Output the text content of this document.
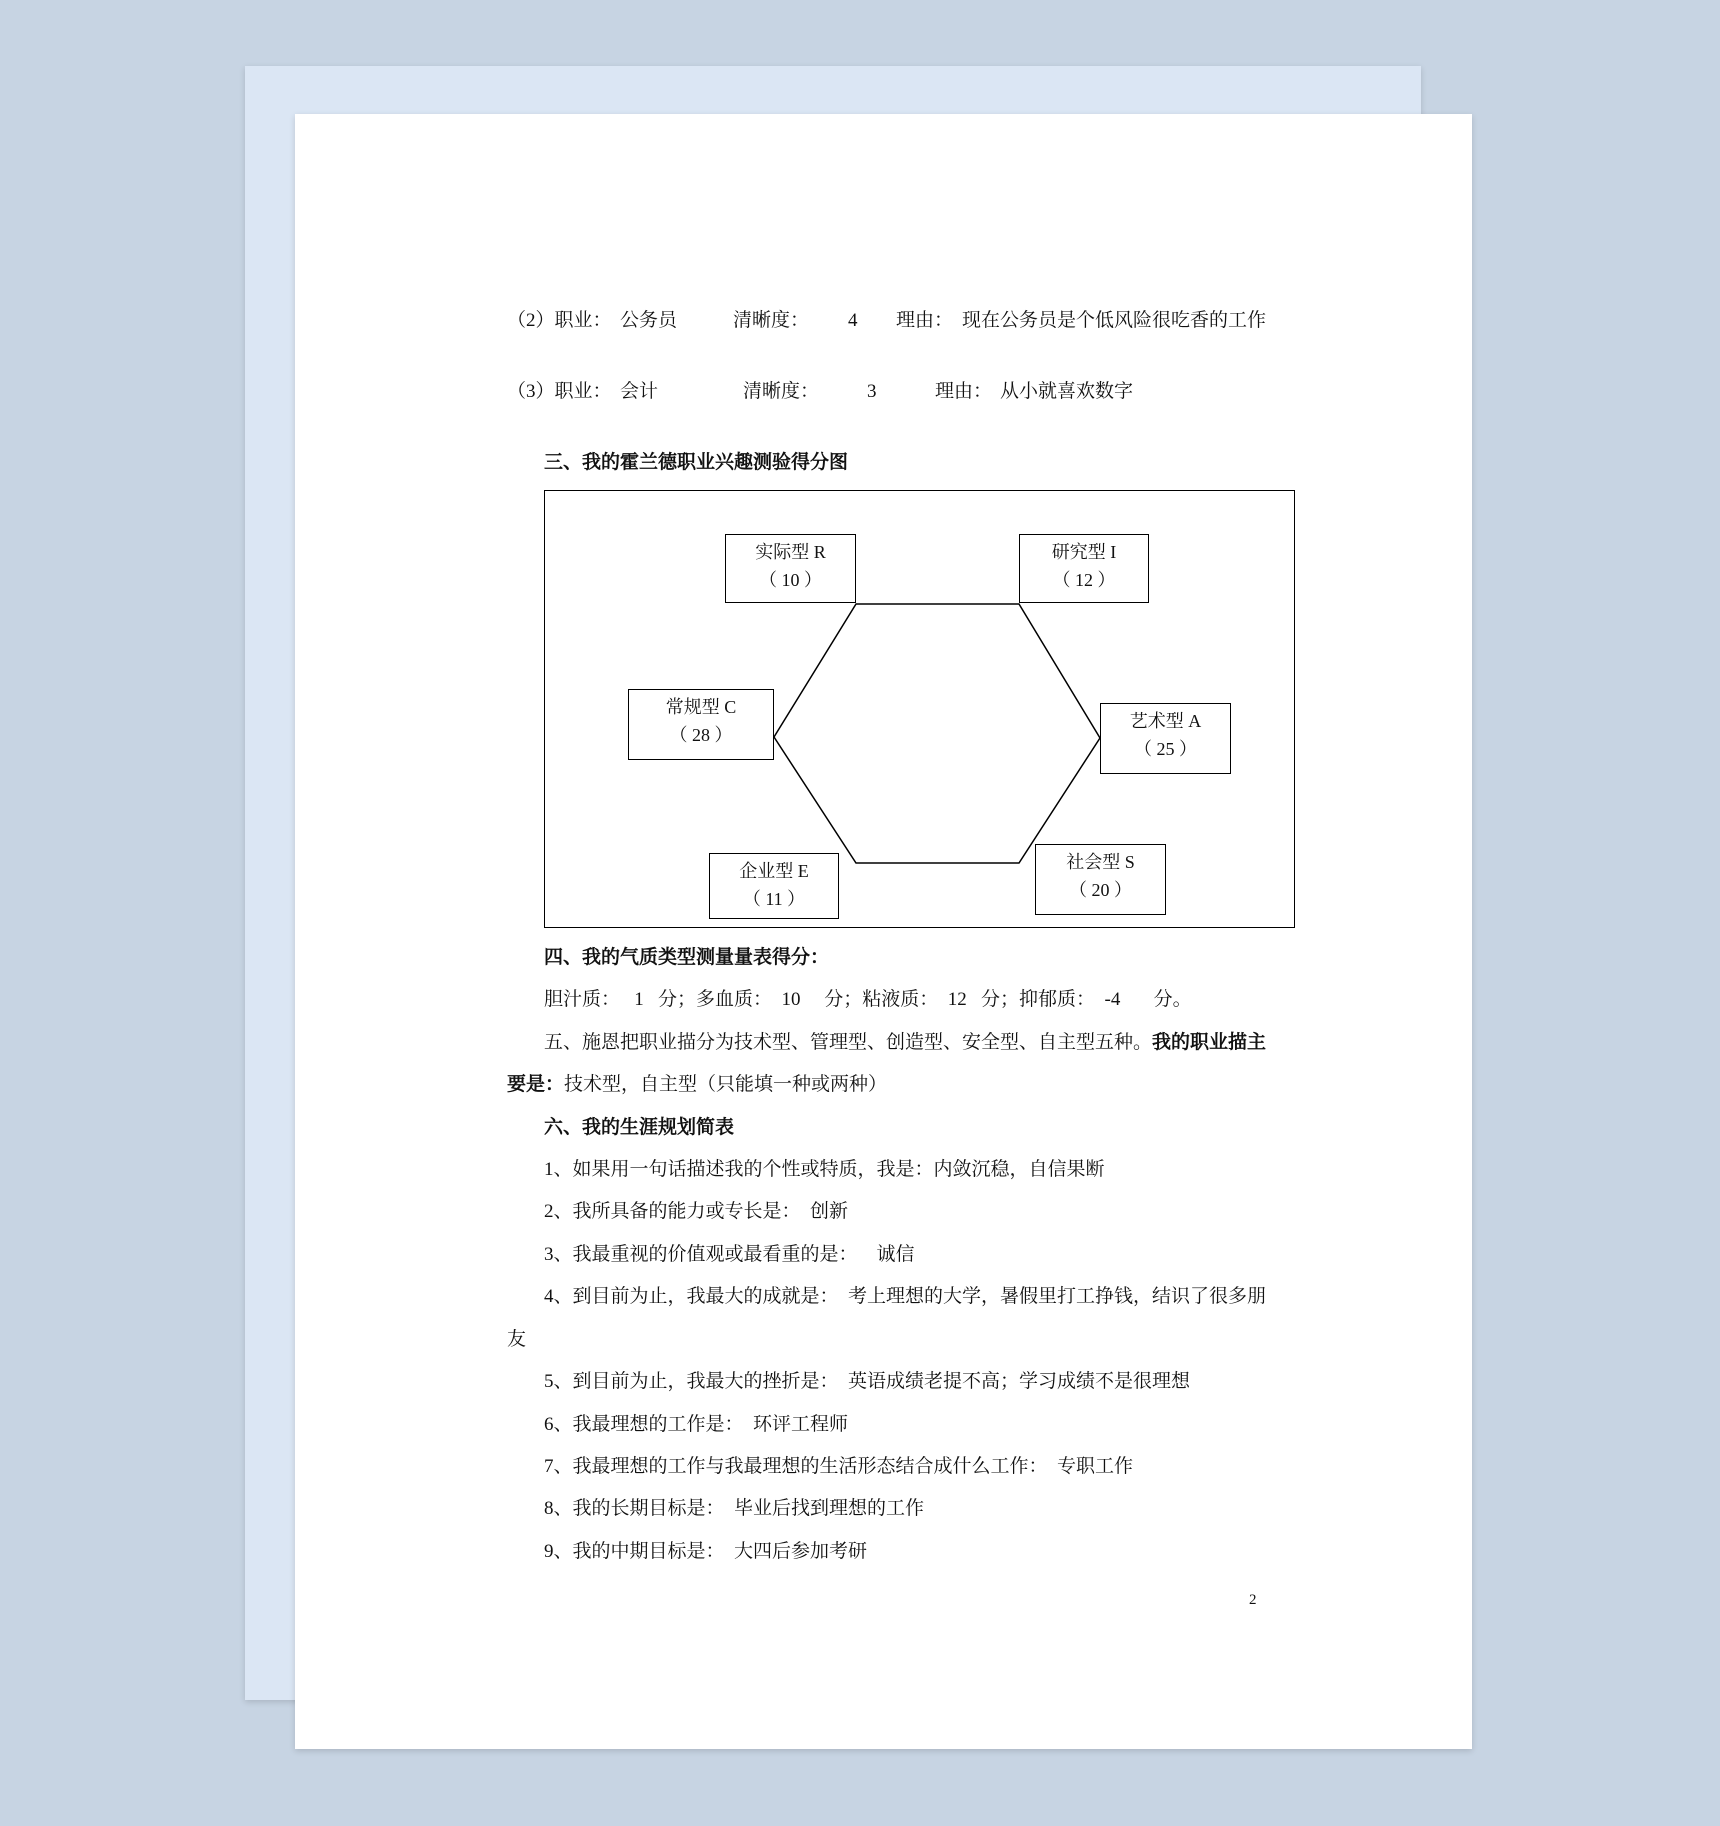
（2）职业： 公务员	清晰度： 4 理由： 现在公务员是个低风险很吃香的工作
（3）职业： 会计	清晰度：	3	理由： 从小就喜欢数字
三、我的霍兰德职业兴趣测验得分图
实际型 R
（ 10 ）
研究型 I
（ 12 ）
常规型 C
（ 28 ）
艺术型 A
（ 25 ）
企业型 E
（ 11 ）
社会型 S
（ 20 ）
四、我的气质类型测量量表得分：
胆汁质：   1   分；多血质：  10     分；粘液质：  12   分；抑郁质：  -4       分。
五、施恩把职业描分为技术型、管理型、创造型、安全型、自主型五种。我的职业描主
要是：技术型，自主型（只能填一种或两种）
六、我的生涯规划简表
1、如果用一句话描述我的个性或特质，我是：内敛沉稳，自信果断
2、我所具备的能力或专长是：  创新
3、我最重视的价值观或最看重的是：    诚信
4、到目前为止，我最大的成就是：  考上理想的大学，暑假里打工挣钱，结识了很多朋
友
5、到目前为止，我最大的挫折是：  英语成绩老提不高；学习成绩不是很理想
6、我最理想的工作是：  环评工程师
7、我最理想的工作与我最理想的生活形态结合成什么工作：  专职工作
8、我的长期目标是：  毕业后找到理想的工作
9、我的中期目标是：  大四后参加考研
2
